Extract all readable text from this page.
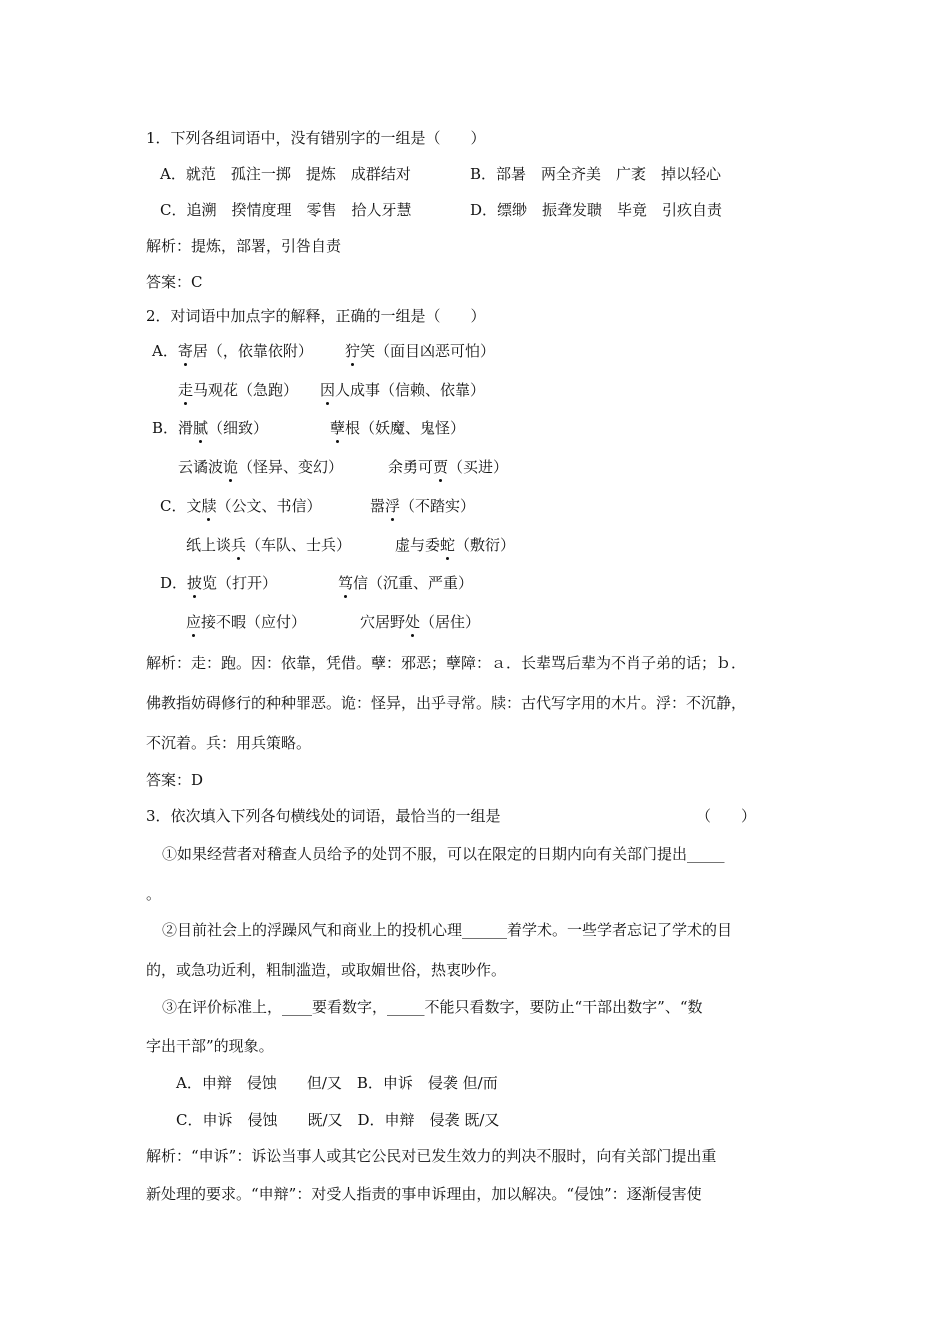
1．下列各组词语中，没有错别字的一组是（　　）
A．就范　孤注一掷　提炼　成群结对	B．部暑　两全齐美　广袤　掉以轻心
C．追溯　揆情度理　零售　拾人牙慧	D．缥缈　振聋发聩　毕竟　引疚自责
解析：提炼，部署，引咎自责
答案：C
2．对词语中加点字的解释，正确的一组是（　　）
A．寄居（，依靠依附） 狞笑（面目凶恶可怕）
走马观花（急跑） 因人成事（信赖、依靠）
B．滑腻（细致）	孽根（妖魔、鬼怪）
云谲波诡（怪异、变幻）	余勇可贾（买进）
C．文牍（公文、书信）	嚣浮（不踏实）
纸上谈兵（车队、士兵）	虚与委蛇（敷衍）
D．披览（打开）	笃信（沉重、严重）
应接不暇（应付）	穴居野处（居住）
解析：走：跑。因：依靠，凭借。孽：邪恶；孽障：ａ．长辈骂后辈为不肖子弟的话；ｂ．
佛教指妨碍修行的种种罪恶。诡：怪异，出乎寻常。牍：古代写字用的木片。浮：不沉静，
不沉着。兵：用兵策略。
答案：D
3．依次填入下列各句横线处的词语，最恰当的一组是	（　　）
①如果经营者对稽查人员给予的处罚不服，可以在限定的日期内向有关部门提出_____
。
②目前社会上的浮躁风气和商业上的投机心理______着学术。一些学者忘记了学术的目
的，或急功近利，粗制滥造，或取媚世俗，热衷吵作。
③在评价标准上，____要看数字，_____不能只看数字，要防止“干部出数字”、“数
字出干部”的现象。
A．申辩　侵蚀　　但/又　B．申诉　侵袭 但/而
C．申诉　侵蚀　　既/又　D．申辩　侵袭 既/又
解析：“申诉”：诉讼当事人或其它公民对已发生效力的判决不服时，向有关部门提出重
新处理的要求。“申辩”：对受人指责的事申诉理由，加以解决。“侵蚀”：逐渐侵害使
